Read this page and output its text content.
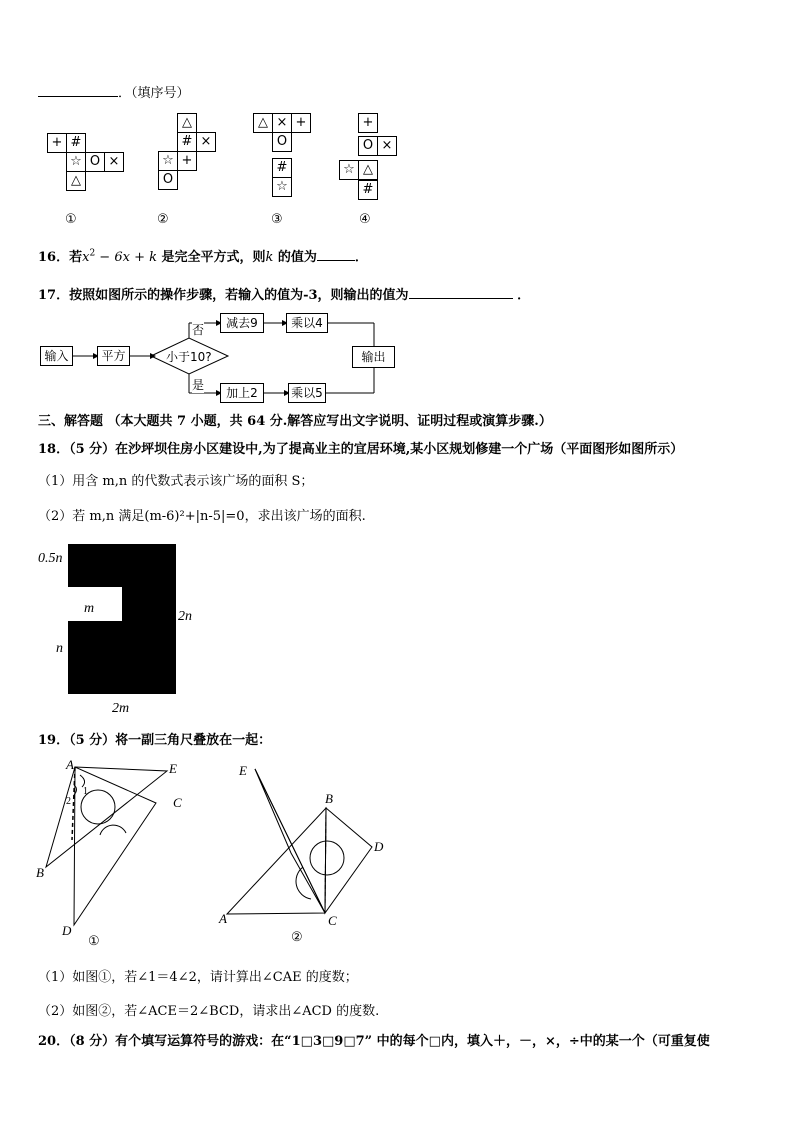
．（填序号）
+ #
☆ O ×
△
①
△
# ×
☆ +
O
②
△ × +
O
#
☆
③
+
O ×
☆ △
#
④
16．若$x^2 - 6x + k$ 是完全平方式，则k 的值为	．
17．按照如图所示的操作步骤，若输入的值为-3，则输出的值为	．
输入	平方	小于10?
否
是
减去9	乘以4
加上2	乘以5
输出
三、解答题 （本大题共 7 小题，共 64 分.解答应写出文字说明、证明过程或演算步骤.）
18．（5 分）在沙坪坝住房小区建设中,为了提高业主的宜居环境,某小区规划修建一个广场（平面图形如图所示）
（1）用含 m,n 的代数式表示该广场的面积 S；
（2）若 m,n 满足(m-6)²+|n-5|=0，求出该广场的面积.
0.5n
m
2n
n
2m
19．（5 分）将一副三角尺叠放在一起：
A	E
C
B
D
1
2
①
E
B
D
A	C
②
（1）如图①，若∠1＝4∠2，请计算出∠CAE 的度数；
（2）如图②，若∠ACE＝2∠BCD，请求出∠ACD 的度数.
20．（8 分）有个填写运算符号的游戏：在“1□3□9□7” 中的每个□内，填入＋，－，×，÷中的某一个（可重复使
